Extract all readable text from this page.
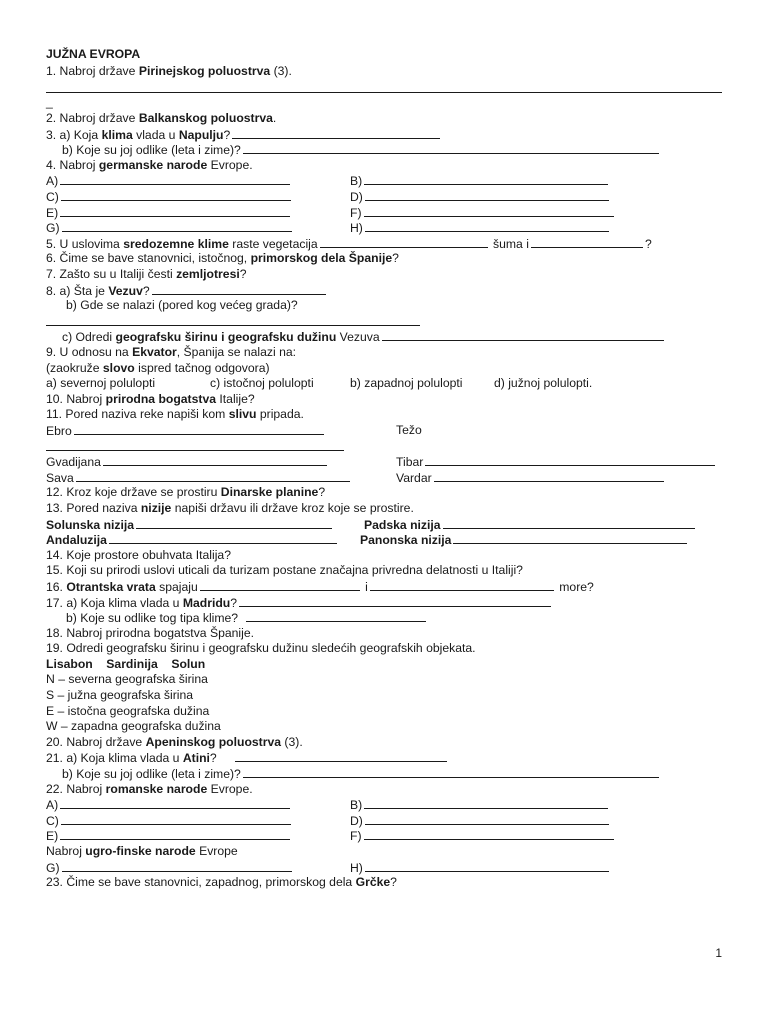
JUŽNA EVROPA
1. Nabroj države Pirinejskog poluostrva (3).
_
2. Nabroj države Balkanskog poluostrva.
3. a) Koja klima vlada u Napulju?
b) Koje su joj odlike (leta i zime)?
4. Nabroj germanske narode Evrope.
A)	B)
C)	D)
E)	F)
G)	H)
5. U uslovima sredozemne klime raste vegetacija	šuma i	?
6. Čime se bave stanovnici, istočnog, primorskog dela Španije?
7. Zašto su u Italiji česti zemljotresi?
8. a) Šta je Vezuv?
b) Gde se nalazi (pored kog većeg grada)?
c) Odredi geografsku širinu i geografsku dužinu Vezuva
9. U odnosu na Ekvator, Španija se nalazi na:
(zaokruže slovo ispred tačnog odgovora)
a) severnoj polulopti	c) istočnoj polulopti	b) zapadnoj polulopti	d) južnoj polulopti.
10. Nabroj prirodna bogatstva Italije?
11. Pored naziva reke napiši kom slivu pripada.
Ebro	Težo
Gvadijana	Tibar
Sava	Vardar
12. Kroz koje države se prostiru Dinarske planine?
13. Pored naziva nizije napiši državu ili države kroz koje se prostire.
Solunska nizija	Padska nizija
Andaluzija	Panonska nizija
14. Koje prostore obuhvata Italija?
15. Koji su prirodi uslovi uticali da turizam postane značajna privredna delatnosti u Italiji?
16. Otrantska vrata spajaju	i	more?
17. a) Koja klima vlada u Madridu?
b) Koje su odlike tog tipa klime?
18. Nabroj prirodna bogatstva Španije.
19. Odredi geografsku širinu i geografsku dužinu sledećih geografskih objekata.
Lisabon Sardinija Solun
N – severna geografska širina
S – južna geografska širina
E – istočna geografska dužina
W – zapadna geografska dužina
20. Nabroj države Apeninskog poluostrva (3).
21. a) Koja klima vlada u Atini?
b) Koje su joj odlike (leta i zime)?
22. Nabroj romanske narode Evrope.
A)	B)
C)	D)
E)	F)
Nabroj ugro-finske narode Evrope
G)	H)
23. Čime se bave stanovnici, zapadnog, primorskog dela Grčke?
1
